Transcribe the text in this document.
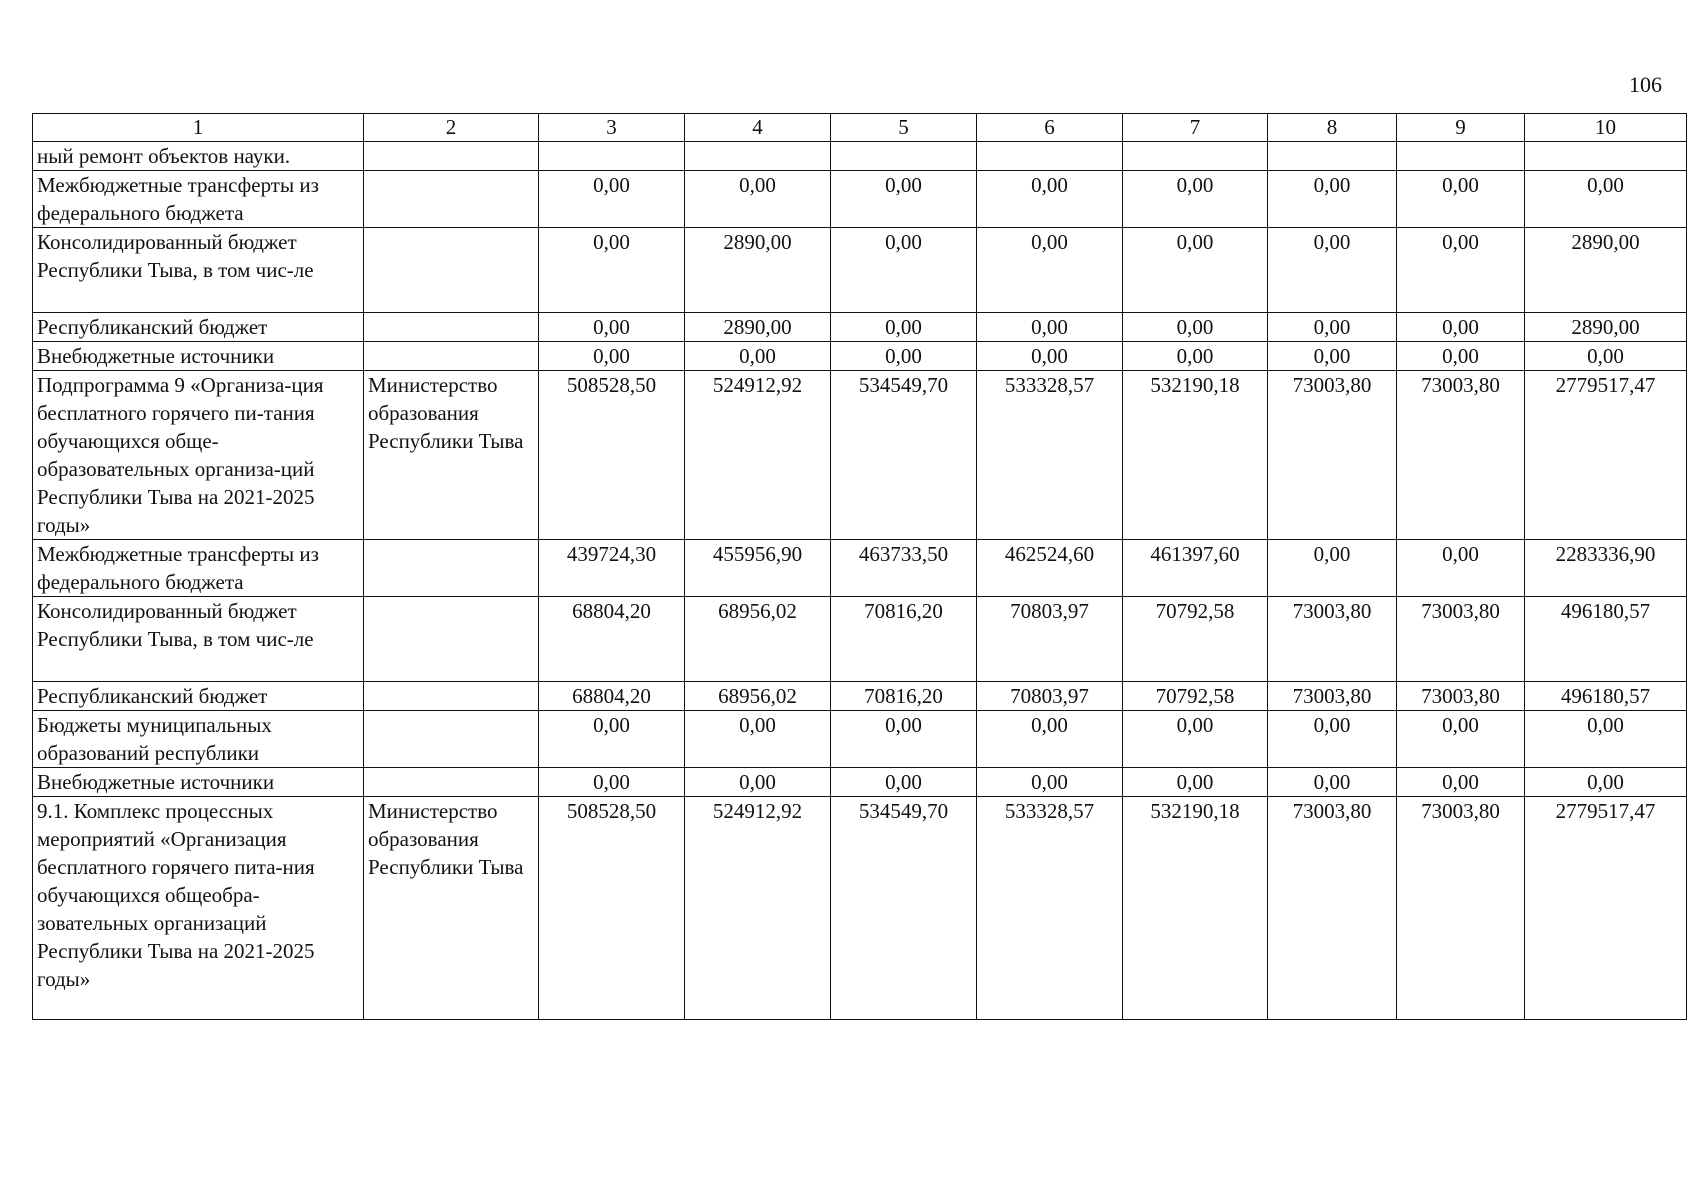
106
1	2	3	4	5	6	7	8	9	10
ный ремонт объектов науки.									
Межбюджетные трансферты из федерального бюджета		0,00	0,00	0,00	0,00	0,00	0,00	0,00	0,00
Консолидированный бюджет Республики Тыва, в том чис-ле		0,00	2890,00	0,00	0,00	0,00	0,00	0,00	2890,00
Республиканский бюджет		0,00	2890,00	0,00	0,00	0,00	0,00	0,00	2890,00
Внебюджетные источники		0,00	0,00	0,00	0,00	0,00	0,00	0,00	0,00
Подпрограмма 9 «Организа-ция бесплатного горячего пи-тания обучающихся обще-образовательных организа-ций Республики Тыва на 2021-2025 годы»	Министерство образования Республики Тыва	508528,50	524912,92	534549,70	533328,57	532190,18	73003,80	73003,80	2779517,47
Межбюджетные трансферты из федерального бюджета		439724,30	455956,90	463733,50	462524,60	461397,60	0,00	0,00	2283336,90
Консолидированный бюджет Республики Тыва, в том чис-ле		68804,20	68956,02	70816,20	70803,97	70792,58	73003,80	73003,80	496180,57
Республиканский бюджет		68804,20	68956,02	70816,20	70803,97	70792,58	73003,80	73003,80	496180,57
Бюджеты муниципальных образований республики		0,00	0,00	0,00	0,00	0,00	0,00	0,00	0,00
Внебюджетные источники		0,00	0,00	0,00	0,00	0,00	0,00	0,00	0,00
9.1. Комплекс процессных мероприятий «Организация бесплатного горячего пита-ния обучающихся общеобра-зовательных организаций Республики Тыва на 2021-2025 годы»	Министерство образования Республики Тыва	508528,50	524912,92	534549,70	533328,57	532190,18	73003,80	73003,80	2779517,47
